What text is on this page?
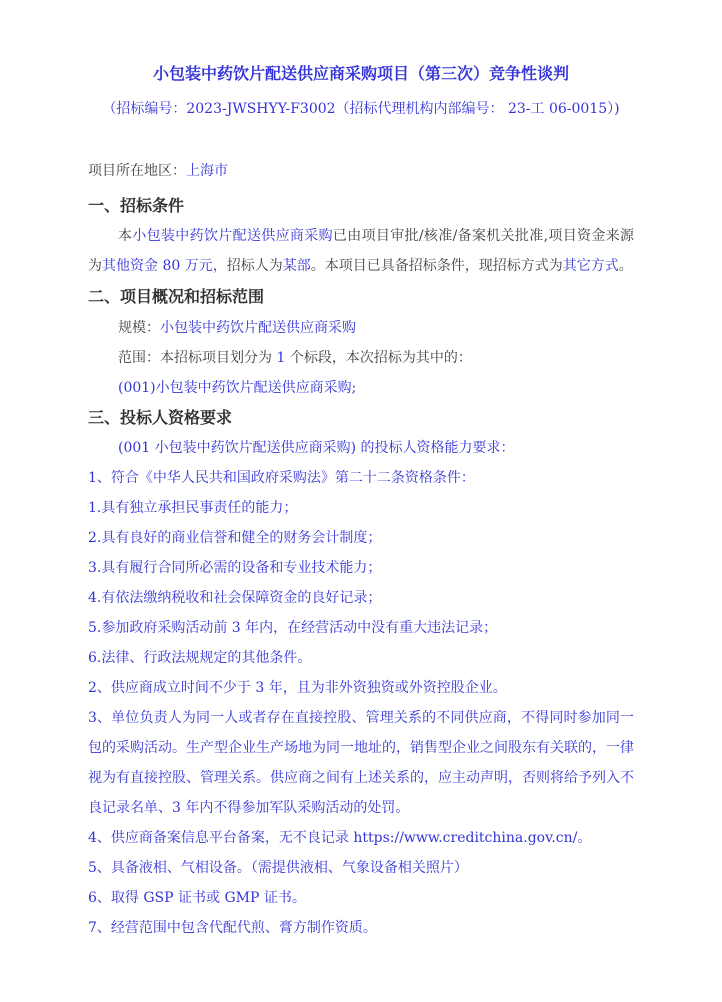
小包装中药饮片配送供应商采购项目（第三次）竞争性谈判

（招标编号：2023-JWSHYY-F3002（招标代理机构内部编号： 23-工 06-0015）)

项目所在地区：上海市

一、招标条件

本小包装中药饮片配送供应商采购已由项目审批/核准/备案机关批准,项目资金来源为其他资金 80 万元，招标人为某部。本项目已具备招标条件，现招标方式为其它方式。

二、项目概况和招标范围

规模：小包装中药饮片配送供应商采购

范围：本招标项目划分为 1 个标段，本次招标为其中的：

(001)小包装中药饮片配送供应商采购;

三、投标人资格要求

(001 小包装中药饮片配送供应商采购) 的投标人资格能力要求：

1、符合《中华人民共和国政府采购法》第二十二条资格条件：

1.具有独立承担民事责任的能力；

2.具有良好的商业信誉和健全的财务会计制度；

3.具有履行合同所必需的设备和专业技术能力；

4.有依法缴纳税收和社会保障资金的良好记录；

5.参加政府采购活动前 3 年内，在经营活动中没有重大违法记录；

6.法律、行政法规规定的其他条件。

2、供应商成立时间不少于 3 年，且为非外资独资或外资控股企业。

3、单位负责人为同一人或者存在直接控股、管理关系的不同供应商，不得同时参加同一包的采购活动。生产型企业生产场地为同一地址的，销售型企业之间股东有关联的，一律视为有直接控股、管理关系。供应商之间有上述关系的，应主动声明，否则将给予列入不良记录名单、3 年内不得参加军队采购活动的处罚。

4、供应商备案信息平台备案，无不良记录 https://www.creditchina.gov.cn/。

5、具备液相、气相设备。（需提供液相、气象设备相关照片）

6、取得 GSP 证书或 GMP 证书。

7、经营范围中包含代配代煎、膏方制作资质。
